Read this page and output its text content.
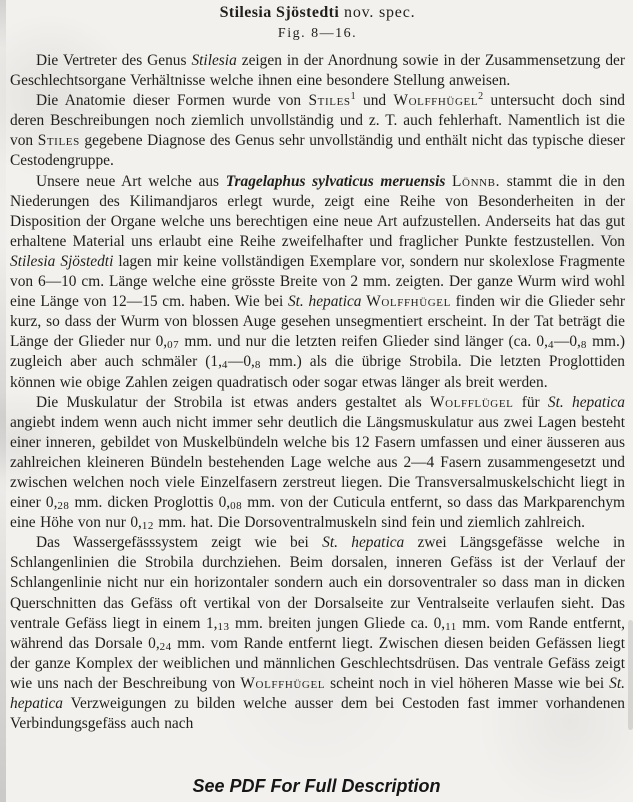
Stilesia Sjöstedti nov. spec.
Fig. 8—16.

Die Vertreter des Genus Stilesia zeigen in der Anordnung sowie in der Zusammensetzung der Geschlechtsorgane Verhältnisse welche ihnen eine besondere Stellung anweisen.

Die Anatomie dieser Formen wurde von Stiles$^1$ und Wolffhügel$^2$ untersucht doch sind deren Beschreibungen noch ziemlich unvollständig und z. T. auch fehlerhaft. Namentlich ist die von Stiles gegebene Diagnose des Genus sehr unvollständig und enthält nicht das typische dieser Cestodengruppe.

Unsere neue Art welche aus Tragelaphus sylvaticus meruensis Lönnb. stammt die in den Niederungen des Kilimandjaros erlegt wurde, zeigt eine Reihe von Besonderheiten in der Disposition der Organe welche uns berechtigen eine neue Art aufzustellen. Anderseits hat das gut erhaltene Material uns erlaubt eine Reihe zweifelhafter und fraglicher Punkte festzustellen. Von Stilesia Sjöstedti lagen mir keine vollständigen Exemplare vor, sondern nur skolexlose Fragmente von 6—10 cm. Länge welche eine grösste Breite von 2 mm. zeigten. Der ganze Wurm wird wohl eine Länge von 12—15 cm. haben. Wie bei St. hepatica Wolffhügel finden wir die Glieder sehr kurz, so dass der Wurm von blossen Auge gesehen unsegmentiert erscheint. In der Tat beträgt die Länge der Glieder nur 0,07 mm. und nur die letzten reifen Glieder sind länger (ca. 0,4—0,8 mm.) zugleich aber auch schmäler (1,4—0,8 mm.) als die übrige Strobila. Die letzten Proglottiden können wie obige Zahlen zeigen quadratisch oder sogar etwas länger als breit werden.

Die Muskulatur der Strobila ist etwas anders gestaltet als Wolfflügel für St. hepatica angiebt indem wenn auch nicht immer sehr deutlich die Längsmuskulatur aus zwei Lagen besteht einer inneren, gebildet von Muskelbündeln welche bis 12 Fasern umfassen und einer äusseren aus zahlreichen kleineren Bündeln bestehenden Lage welche aus 2—4 Fasern zusammengesetzt und zwischen welchen noch viele Einzelfasern zerstreut liegen. Die Transversalmuskelschicht liegt in einer 0,28 mm. dicken Proglottis 0,08 mm. von der Cuticula entfernt, so dass das Markparenchym eine Höhe von nur 0,12 mm. hat. Die Dorsoventralmuskeln sind fein und ziemlich zahlreich.

Das Wassergefässsystem zeigt wie bei St. hepatica zwei Längsgefässe welche in Schlangenlinien die Strobila durchziehen. Beim dorsalen, inneren Gefäss ist der Verlauf der Schlangenlinie nicht nur ein horizontaler sondern auch ein dorsoventraler so dass man in dicken Querschnitten das Gefäss oft vertikal von der Dorsalseite zur Ventralseite verlaufen sieht. Das ventrale Gefäss liegt in einem 1,13 mm. breiten jungen Gliede ca. 0,11 mm. vom Rande entfernt, während das Dorsale 0,24 mm. vom Rande entfernt liegt. Zwischen diesen beiden Gefässen liegt der ganze Komplex der weiblichen und männlichen Geschlechtsdrüsen. Das ventrale Gefäss zeigt wie uns nach der Beschreibung von Wolffhügel scheint noch in viel höheren Masse wie bei St. hepatica Verzweigungen zu bilden welche ausser dem bei Cestoden fast immer vorhandenen Verbindungsgefäss auch nach

See PDF For Full Description
